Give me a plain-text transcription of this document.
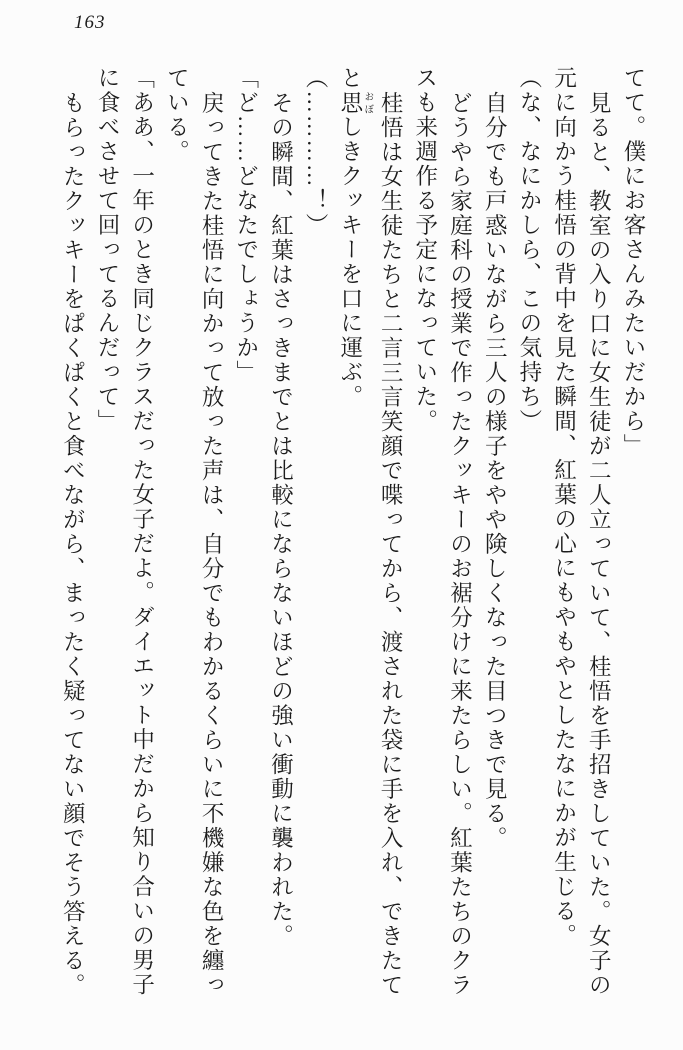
163

てて。僕にお客さんみたいだから」

見ると、教室の入り口に女生徒が二人立っていて、桂悟を手招きしていた。女子の

元に向かう桂悟の背中を見た瞬間、紅葉の心にもやもやとしたなにかが生じる。

（な、なにかしら、この気持ち）

自分でも戸惑いながら三人の様子をやや険しくなった目つきで見る。

どうやら家庭科の授業で作ったクッキーのお裾分けに来たらしい。紅葉たちのクラ

スも来週作る予定になっていた。

桂悟は女生徒たちと二言三言笑顔で喋ってから、渡された袋に手を入れ、できたて

と思 おぼしきクッキーを口に運ぶ。

（…………！）

その瞬間、紅葉はさっきまでとは比較にならないほどの強い衝動に襲われた。

「ど……どなたでしょうか」

戻ってきた桂悟に向かって放った声は、自分でもわかるくらいに不機嫌な色を纏っ

ている。

「ああ、一年のとき同じクラスだった女子だよ。ダイエット中だから知り合いの男子

に食べさせて回ってるんだって」

もらったクッキーをぱくぱくと食べながら、まったく疑ってない顔でそう答える。
